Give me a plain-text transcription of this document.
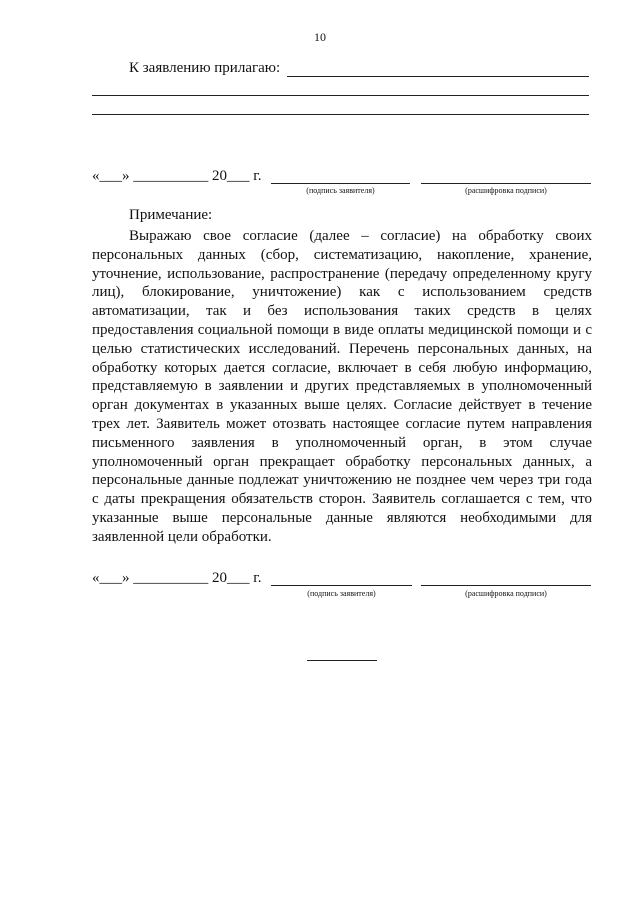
10
К заявлению прилагаю:
«___» __________ 20___ г.
(подпись заявителя)	(расшифровка подписи)
Примечание:

Выражаю свое согласие (далее – согласие) на обработку своих персональных данных (сбор, систематизацию, накопление, хранение, уточнение, использование, распространение (передачу определенному кругу лиц), блокирование, уничтожение) как с использованием средств автоматизации, так и без использования таких средств в целях предоставления социальной помощи в виде оплаты медицинской помощи и с целью статистических исследований. Перечень персональных данных, на обработку которых дается согласие, включает в себя любую информацию, представляемую в заявлении и других представляемых в уполномоченный орган документах в указанных выше целях. Согласие действует в течение трех лет. Заявитель может отозвать настоящее согласие путем направления письменного заявления в уполномоченный орган, в этом случае уполномоченный орган прекращает обработку персональных данных, а персональные данные подлежат уничтожению не позднее чем через три года с даты прекращения обязательств сторон. Заявитель соглашается с тем, что указанные выше персональные данные являются необходимыми для заявленной цели обработки.

«___» __________ 20___ г.
(подпись заявителя)	(расшифровка подписи)
